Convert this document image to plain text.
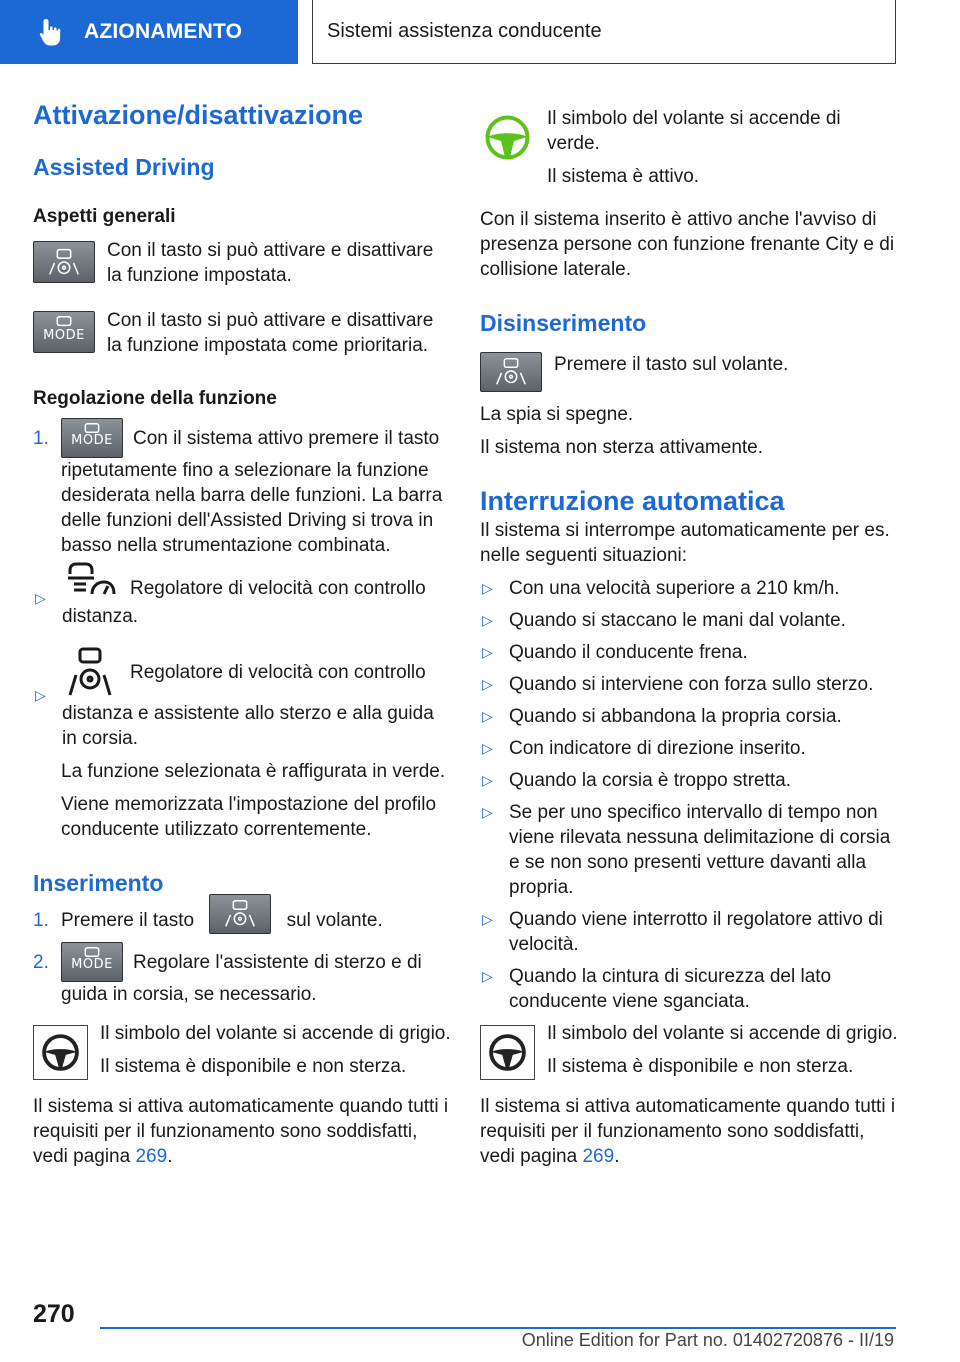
AZIONAMENTO	Sistemi assistenza conducente
Attivazione/disattivazione
Assisted Driving
Aspetti generali
Con il tasto si può attivare e disattivare la funzione impostata.
MODE
Con il tasto si può attivare e disattivare la funzione impostata come prioritaria.
Regolazione della funzione
1.	MODE	Con il sistema attivo premere il tasto ripetutamente fino a selezionare la funzione desiderata nella barra delle funzioni. La barra delle funzioni dell'Assisted Driving si trova in basso nella strumentazione combinata.
▷	Regolatore di velocità con controllo distanza.
▷
Regolatore di velocità con controllo distanza e assistente allo sterzo e alla guida in corsia.
La funzione selezionata è raffigurata in verde.
Viene memorizzata l'impostazione del profilo conducente utilizzato correntemente.
Inserimento
1. Premere il tasto	sul volante.
2.	MODE	Regolare l'assistente di sterzo e di guida in corsia, se necessario.
Il simbolo del volante si accende di grigio.
Il sistema è disponibile e non sterza.
Il sistema si attiva automaticamente quando tutti i requisiti per il funzionamento sono soddisfatti, vedi pagina 269.
Il simbolo del volante si accende di verde.
Il sistema è attivo.
Con il sistema inserito è attivo anche l'avviso di presenza persone con funzione frenante City e di collisione laterale.
Disinserimento
Premere il tasto sul volante.
La spia si spegne.
Il sistema non sterza attivamente.
Interruzione automatica
Il sistema si interrompe automaticamente per es. nelle seguenti situazioni:
▷ Con una velocità superiore a 210 km/h.
▷ Quando si staccano le mani dal volante.
▷ Quando il conducente frena.
▷ Quando si interviene con forza sullo sterzo.
▷ Quando si abbandona la propria corsia.
▷ Con indicatore di direzione inserito.
▷ Quando la corsia è troppo stretta.
▷ Se per uno specifico intervallo di tempo non viene rilevata nessuna delimitazione di corsia e se non sono presenti vetture davanti alla propria.
▷ Quando viene interrotto il regolatore attivo di velocità.
▷ Quando la cintura di sicurezza del lato conducente viene sganciata.
Il simbolo del volante si accende di grigio.
Il sistema è disponibile e non sterza.
Il sistema si attiva automaticamente quando tutti i requisiti per il funzionamento sono soddisfatti, vedi pagina 269.
270
Online Edition for Part no. 01402720876 - II/19
